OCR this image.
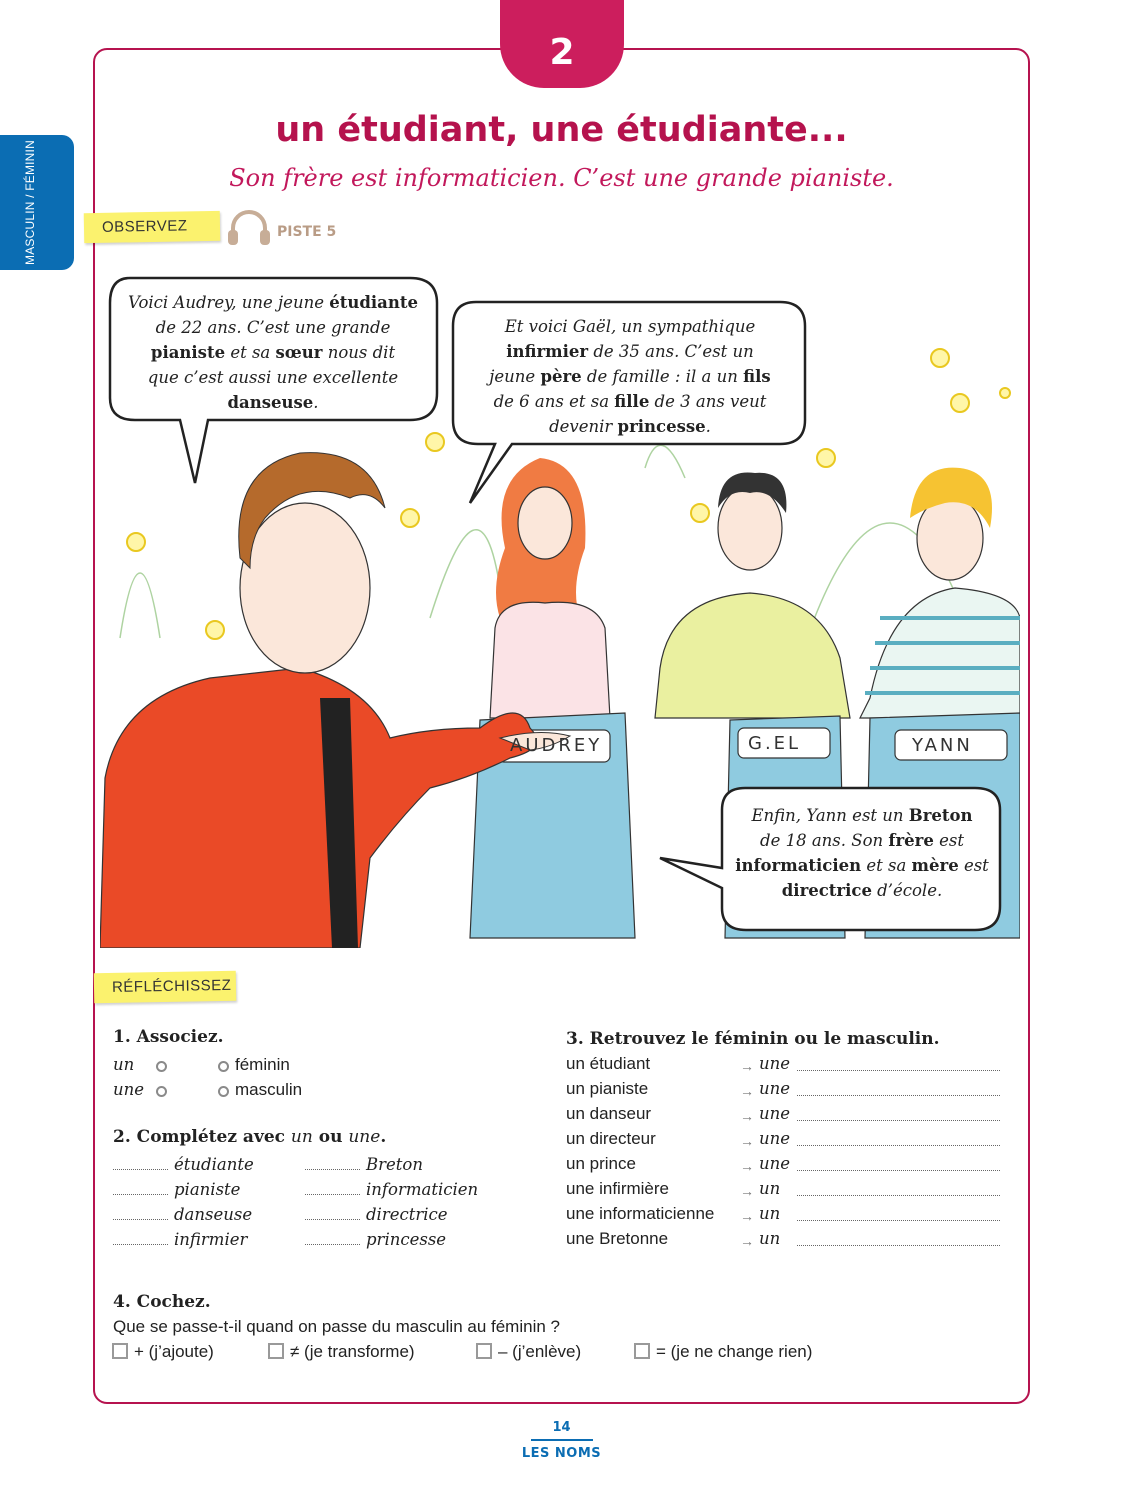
2
MASCULIN / FÉMININ
un étudiant, une étudiante...
Son frère est informaticien. C’est une grande pianiste.
OBSERVEZ	PISTE 5
Voici Audrey, une jeune étudiante
de 22 ans. C’est une grande
pianiste et sa sœur nous dit
que c’est aussi une excellente
danseuse.
Et voici Gaël, un sympathique
infirmier de 35 ans. C’est un
jeune père de famille : il a un fils
de 6 ans et sa fille de 3 ans veut
devenir princesse.
Enfin, Yann est un Breton
de 18 ans. Son frère est
informaticien et sa mère est
directrice d’école.
AUDREY	G.EL	YANN
RÉFLÉCHISSEZ
1. Associez.
un	féminin
une	masculin
2. Complétez avec un ou une.
étudiante	Breton
pianiste	informaticien
danseuse	directrice
infirmier	princesse
3. Retrouvez le féminin ou le masculin.
un étudiant	→ une
un pianiste	→ une
un danseur	→ une
un directeur	→ une
un prince	→ une
une infirmière	→ un
une informaticienne → un
une Bretonne	→ un
4. Cochez.
Que se passe-t-il quand on passe du masculin au féminin ?
+ (j’ajoute)	≠ (je transforme)	– (j’enlève)	= (je ne change rien)
14
LES NOMS
